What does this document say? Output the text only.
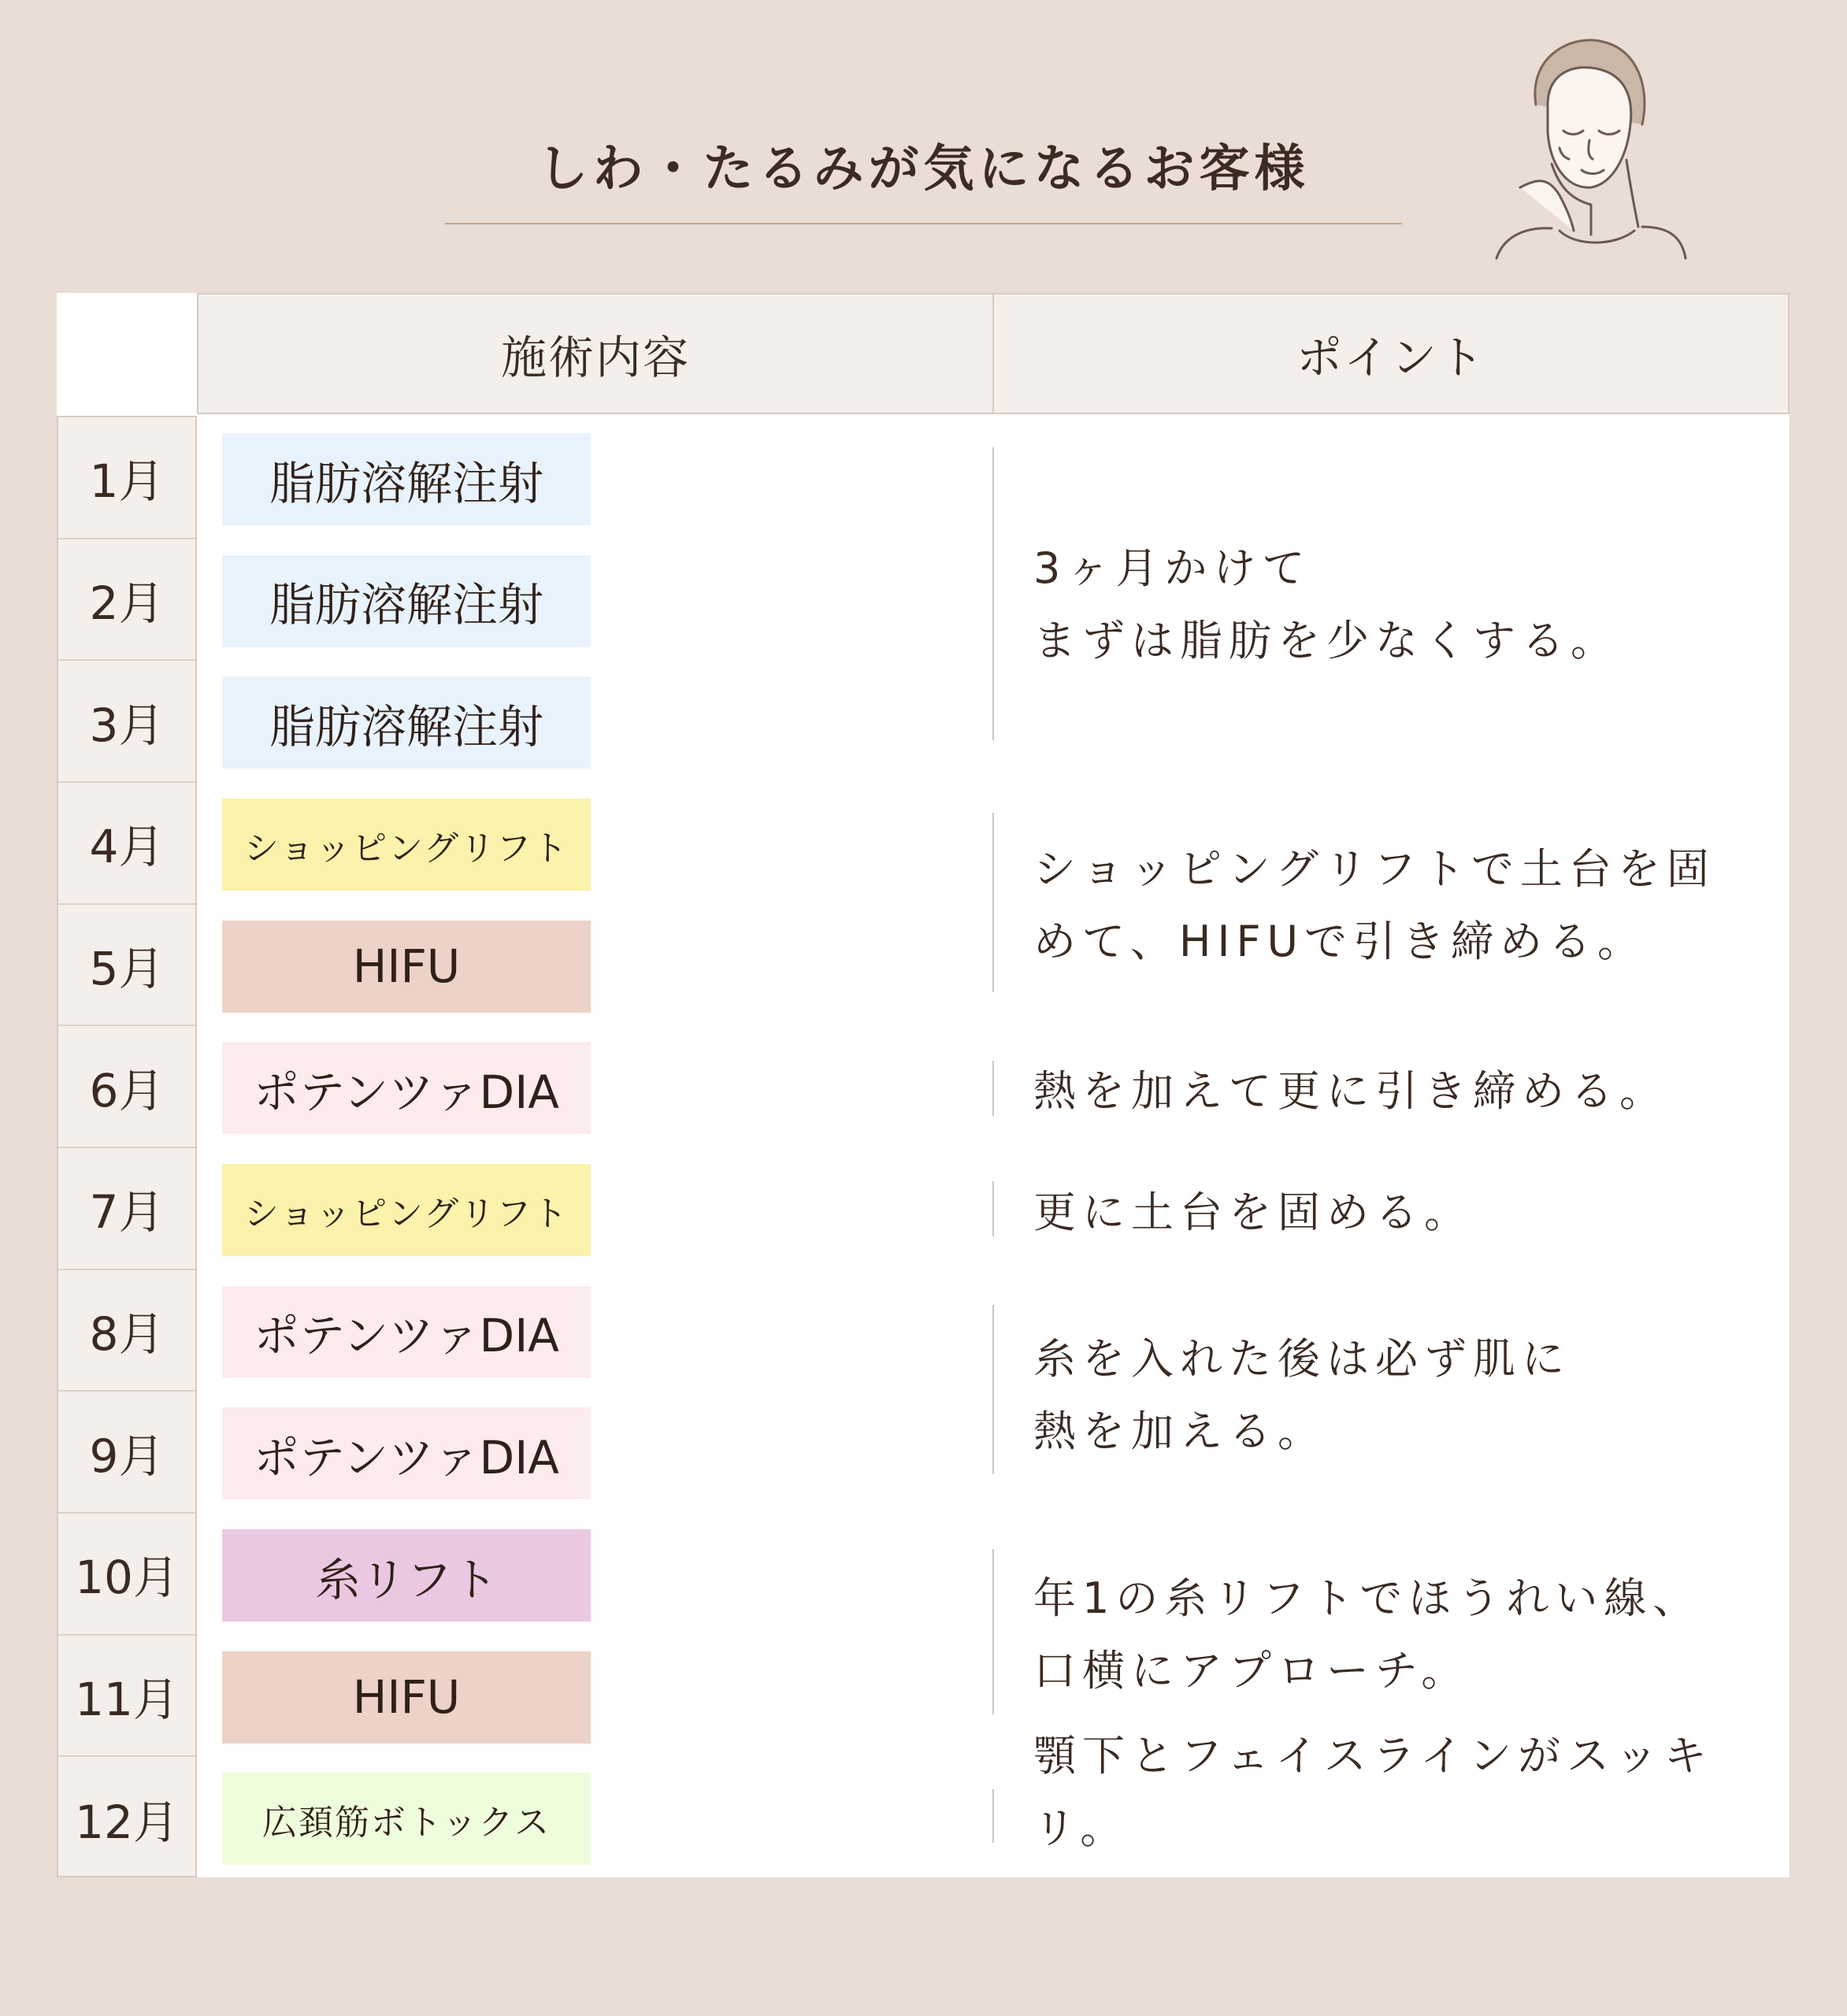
しわ・たるみが気になるお客様
施術内容	ポイント
1月
2月
3月
4月
5月
6月
7月
8月
9月
10月
11月
12月
脂肪溶解注射
脂肪溶解注射
脂肪溶解注射
ショッピングリフト
HIFU
ポテンツァDIA
ショッピングリフト
ポテンツァDIA
ポテンツァDIA
糸リフト
HIFU
広頚筋ボトックス
3ヶ月かけて
まずは脂肪を少なくする。
ショッピングリフトで土台を固
めて、HIFUで引き締める。
熱を加えて更に引き締める。
更に土台を固める。
糸を入れた後は必ず肌に
熱を加える。
年1の糸リフトでほうれい線、
口横にアプローチ。
顎下とフェイスラインがスッキ
リ。
